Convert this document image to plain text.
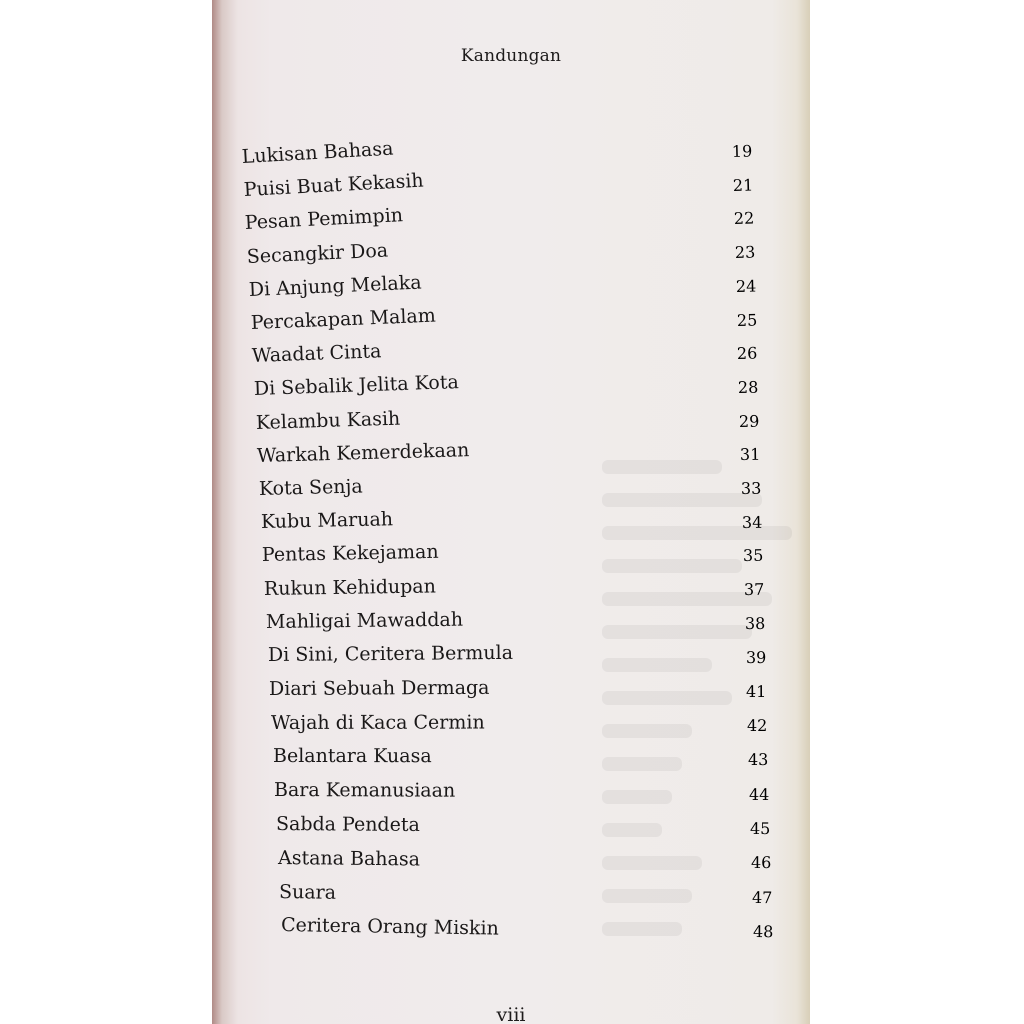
Kandungan
Lukisan Bahasa	19
Puisi Buat Kekasih	21
Pesan Pemimpin	22
Secangkir Doa	23
Di Anjung Melaka	24
Percakapan Malam	25
Waadat Cinta	26
Di Sebalik Jelita Kota	28
Kelambu Kasih	29
Warkah Kemerdekaan	31
Kota Senja	33
Kubu Maruah	34
Pentas Kekejaman	35
Rukun Kehidupan	37
Mahligai Mawaddah	38
Di Sini, Ceritera Bermula	39
Diari Sebuah Dermaga	41
Wajah di Kaca Cermin	42
Belantara Kuasa	43
Bara Kemanusiaan	44
Sabda Pendeta	45
Astana Bahasa	46
Suara	47
Ceritera Orang Miskin	48
viii
